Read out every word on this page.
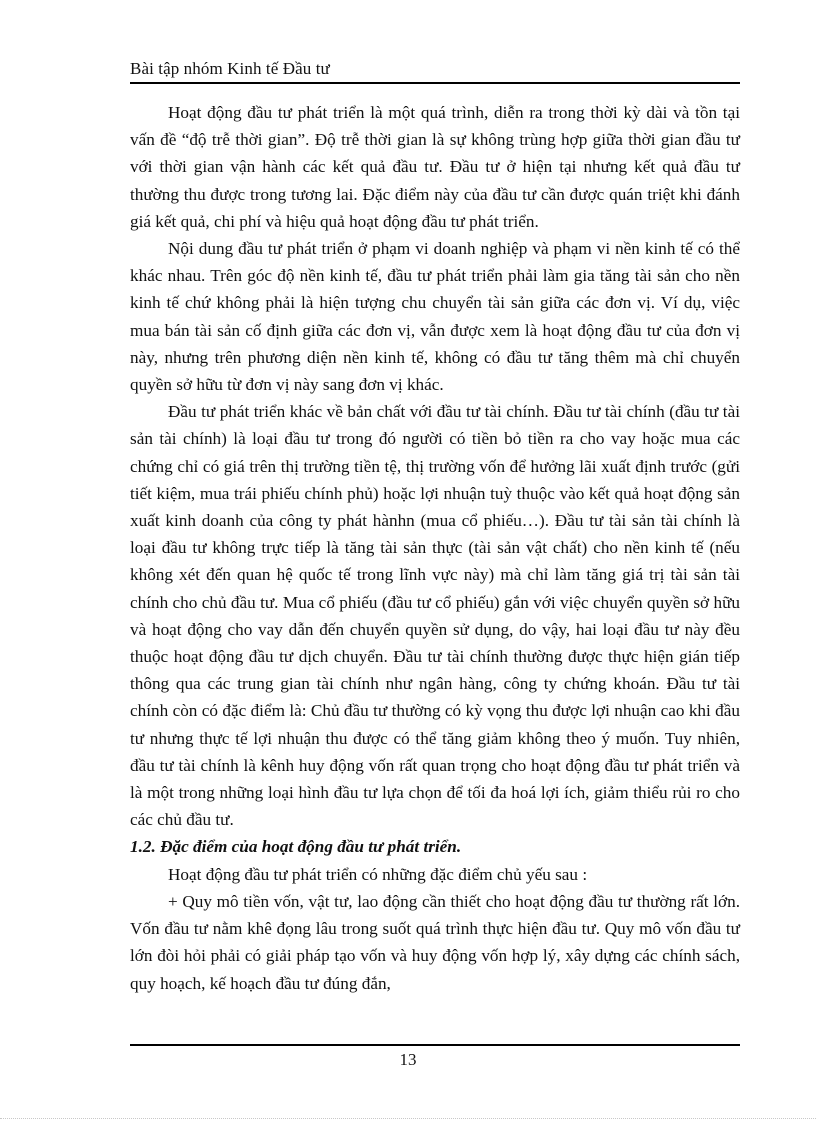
Bài tập nhóm Kinh tế Đầu tư

Hoạt động đầu tư phát triển là một quá trình, diễn ra trong thời kỳ dài và tồn tại vấn đề “độ trễ thời gian”. Độ trễ thời gian là sự không trùng hợp giữa thời gian đầu tư với thời gian vận hành các kết quả đầu tư. Đầu tư ở hiện tại nhưng kết quả đầu tư thường thu được trong tương lai. Đặc điểm này của đầu tư cần được quán triệt khi đánh giá kết quả, chi phí và hiệu quả hoạt động đầu tư phát triển.

Nội dung đầu tư phát triển ở phạm vi doanh nghiệp và phạm vi nền kinh tế có thể khác nhau. Trên góc độ nền kinh tế, đầu tư phát triển phải làm gia tăng tài sản cho nền kinh tế chứ không phải là hiện tượng chu chuyển tài sản giữa các đơn vị. Ví dụ, việc mua bán tài sản cố định giữa các đơn vị, vẫn được xem là hoạt động đầu tư của đơn vị này, nhưng trên phương diện nền kinh tế, không có đầu tư tăng thêm mà chỉ chuyển quyền sở hữu từ đơn vị này sang đơn vị khác.

Đầu tư phát triển khác về bản chất với đầu tư tài chính. Đầu tư tài chính (đầu tư tài sản tài chính) là loại đầu tư trong đó người có tiền bỏ tiền ra cho vay hoặc mua các chứng chỉ có giá trên thị trường tiền tệ, thị trường vốn để hưởng lãi xuất định trước (gửi tiết kiệm, mua trái phiếu chính phủ) hoặc lợi nhuận tuỳ thuộc vào kết quả hoạt động sản xuất kinh doanh của công ty phát hànhn (mua cổ phiếu…). Đầu tư tài sản tài chính là loại đầu tư không trực tiếp là tăng tài sản thực (tài sản vật chất) cho nền kinh tế (nếu không xét đến quan hệ quốc tế trong lĩnh vực này) mà chỉ làm tăng giá trị tài sản tài chính cho chủ đầu tư. Mua cổ phiếu (đầu tư cổ phiếu) gắn với việc chuyển quyền sở hữu và hoạt động cho vay dẫn đến chuyển quyền sử dụng, do vậy, hai loại đầu tư này đều thuộc hoạt động đầu tư dịch chuyển. Đầu tư tài chính thường được thực hiện gián tiếp thông qua các trung gian tài chính như ngân hàng, công ty chứng khoán. Đầu tư tài chính còn có đặc điểm là: Chủ đầu tư thường có kỳ vọng thu được lợi nhuận cao khi đầu tư nhưng thực tế lợi nhuận thu được có thể tăng giảm không theo ý muốn. Tuy nhiên, đầu tư tài chính là kênh huy động vốn rất quan trọng cho hoạt động đầu tư phát triển và là một trong những loại hình đầu tư lựa chọn để tối đa hoá lợi ích, giảm thiểu rủi ro cho các chủ đầu tư.

1.2. Đặc điểm của hoạt động đầu tư phát triển.

Hoạt động đầu tư phát triển có những đặc điểm chủ yếu sau :

+ Quy mô tiền vốn, vật tư, lao động cần thiết cho hoạt động đầu tư thường rất lớn. Vốn đầu tư nằm khê đọng lâu trong suốt quá trình thực hiện đầu tư. Quy mô vốn đầu tư lớn đòi hỏi phải có giải pháp tạo vốn và huy động vốn hợp lý, xây dựng các chính sách, quy hoạch, kế hoạch đầu tư đúng đắn,

13
